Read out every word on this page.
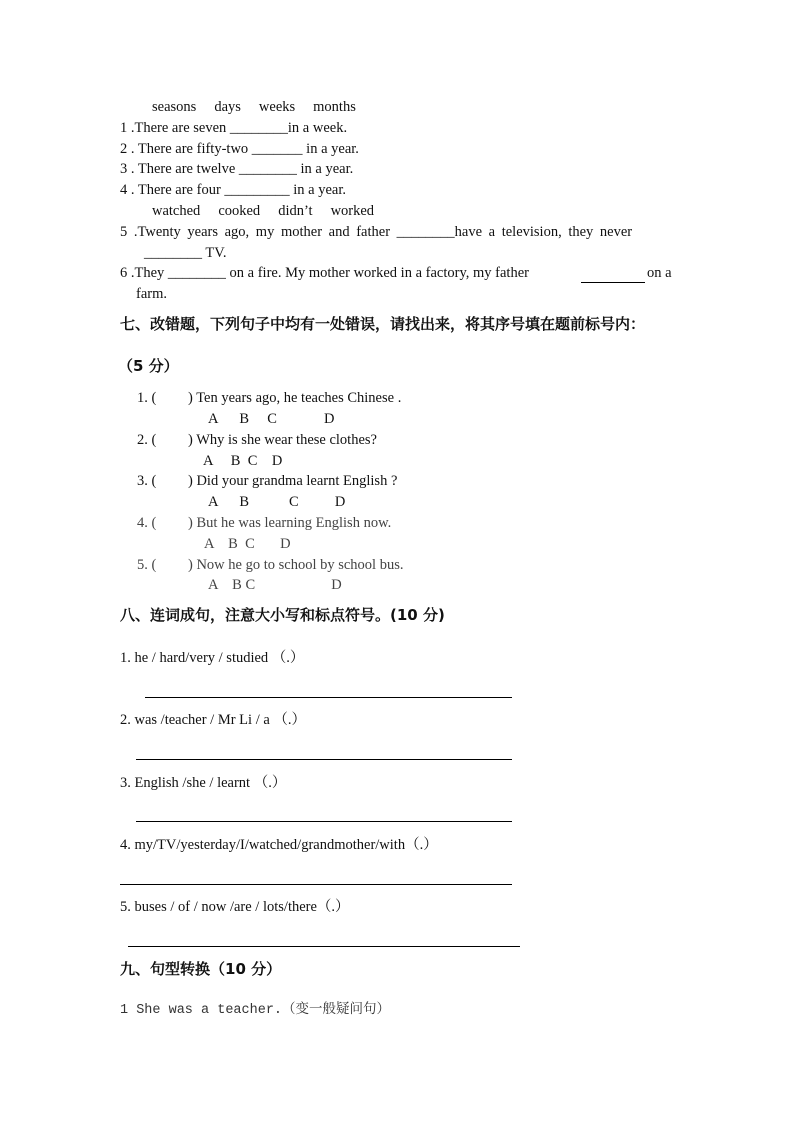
seasons days weeks months
1 .There are seven ________in a week.
2 . There are fifty-two _______ in a year.
3 . There are twelve ________ in a year.
4 . There are four _________ in a year.
watched cooked didn’t worked
5 .Twenty years ago, my mother and father ________have a television, they never
________ TV.
6 .They ________ on a fire. My mother worked in a factory, my father	on a
farm.
七、改错题，下列句子中均有一处错误，请找出来，将其序号填在题前标号内：
（5 分）
1. ( ) Ten years ago, he teaches Chinese .
A      B     C             D
2. ( ) Why is she wear these clothes?
A     B  C    D
3. ( ) Did your grandma learnt English ?
A      B           C          D
4. ( ) But he was learning English now.
A    B  C       D
5. ( ) Now he go to school by school bus.
A    B C                     D
八、连词成句，注意大小写和标点符号。(10 分)
1. he / hard/very / studied （.）
2. was /teacher / Mr Li / a （.）
3. English /she / learnt （.）
4. my/TV/yesterday/I/watched/grandmother/with（.）
5. buses / of / now /are / lots/there（.）
九、句型转换（10 分）
1 She was a teacher.（变一般疑问句）
